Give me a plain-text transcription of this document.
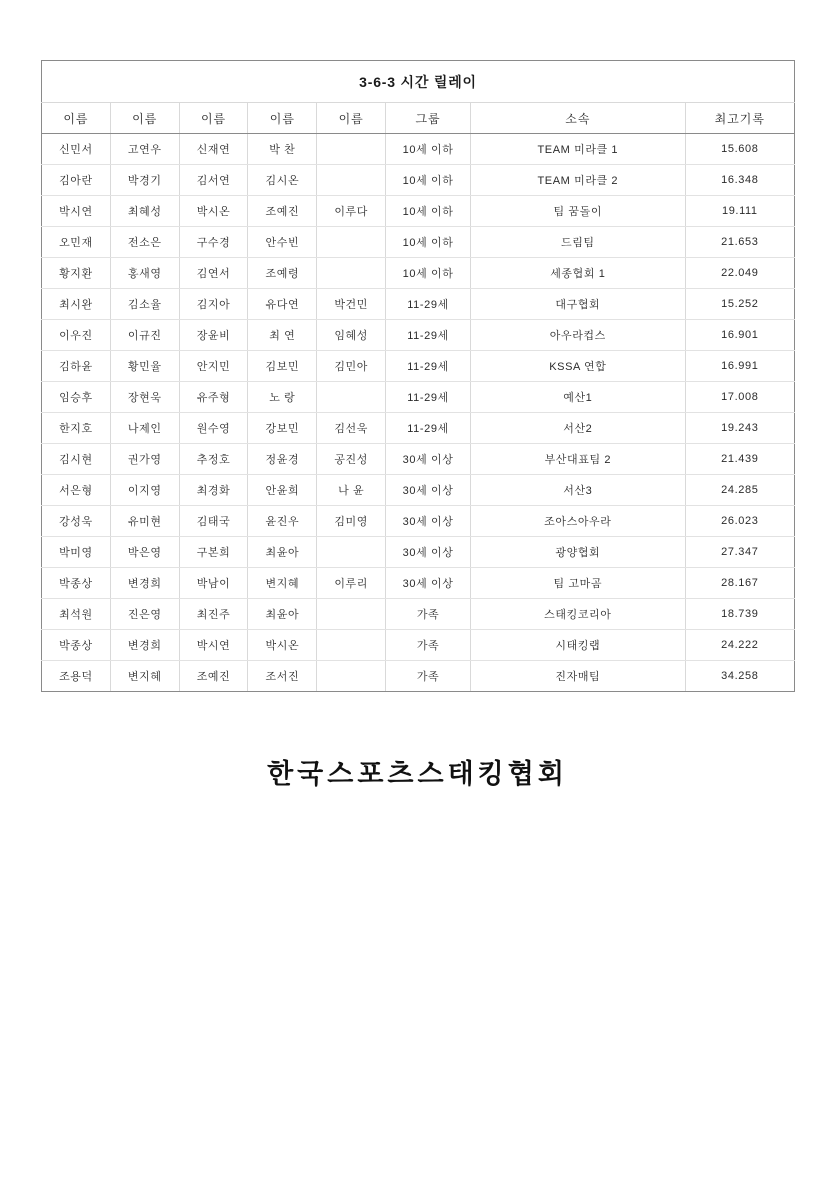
3-6-3 시간 릴레이							
이름	이름	이름	이름	이름	그룹	소속	최고기록
신민서	고연우	신재연	박 찬		10세 이하	TEAM 미라클 1	15.608
김아란	박경기	김서연	김시온		10세 이하	TEAM 미라클 2	16.348
박시연	최혜성	박시온	조예진	이루다	10세 이하	팀 꿈돌이	19.111
오민재	전소은	구수경	안수빈		10세 이하	드림팀	21.653
황지환	홍새영	김연서	조예령		10세 이하	세종협회 1	22.049
최시완	김소율	김지아	유다연	박건민	11-29세	대구협회	15.252
이우진	이규진	장윤비	최 연	임혜성	11-29세	아우라컵스	16.901
김하윤	황민율	안지민	김보민	김민아	11-29세	KSSA 연합	16.991
임승후	장현욱	유주형	노 랑		11-29세	예산1	17.008
한지호	나제인	원수영	강보민	김선욱	11-29세	서산2	19.243
김시현	권가영	추정호	정윤경	공진성	30세 이상	부산대표팀 2	21.439
서은형	이지영	최경화	안윤희	나 윤	30세 이상	서산3	24.285
강성욱	유미현	김태국	윤진우	김미영	30세 이상	조아스아우라	26.023
박미영	박은영	구본희	최윤아		30세 이상	광양협회	27.347
박종상	변경희	박남이	변지혜	이루리	30세 이상	팀 고마곰	28.167
최석원	진은영	최진주	최윤아		가족	스태킹코리아	18.739
박종상	변경희	박시연	박시온		가족	시태킹랩	24.222
조용덕	변지혜	조예진	조서진		가족	진자매팀	34.258
한국스포츠스태킹협회
